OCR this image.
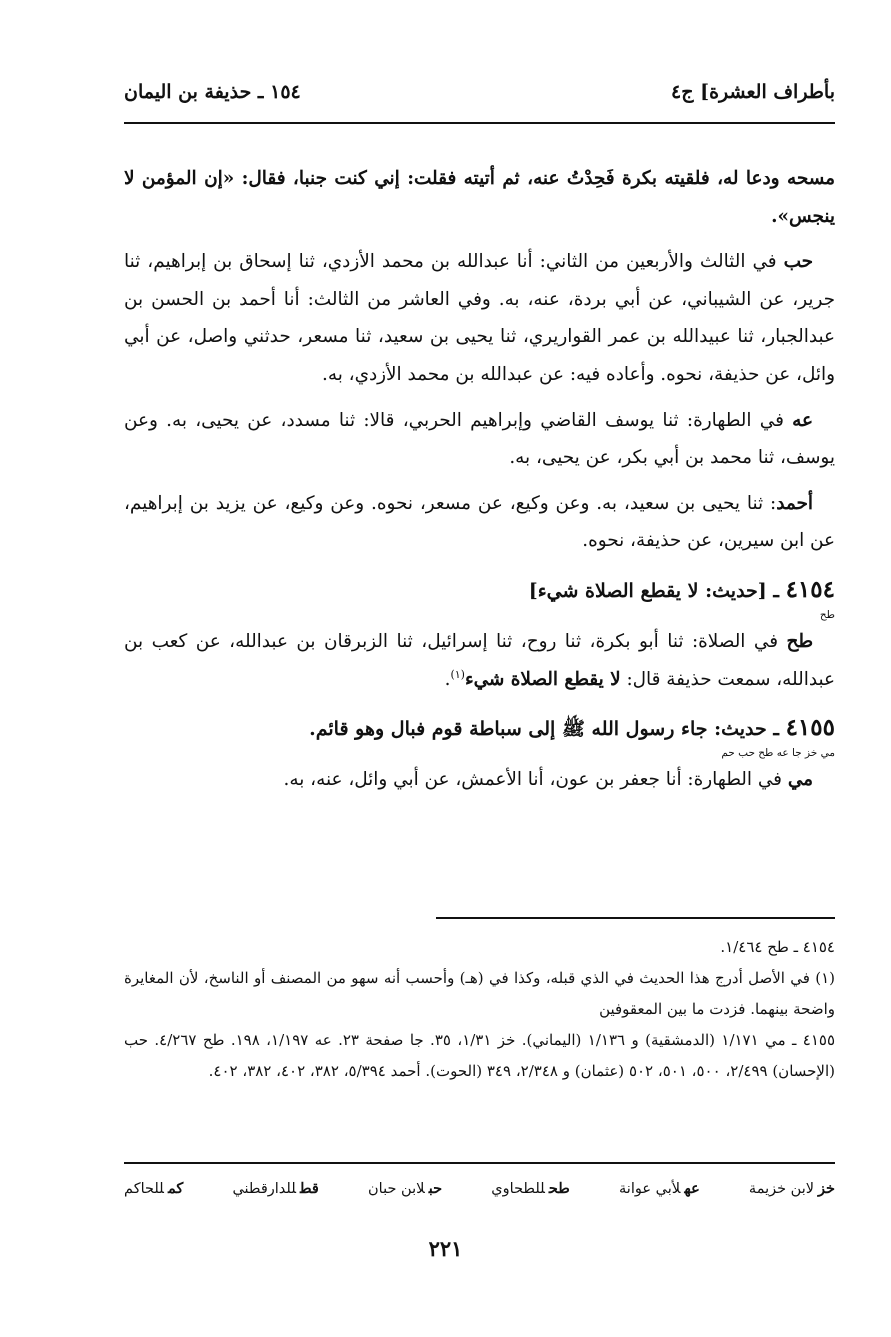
بأطراف العشرة] ج٤
١٥٤ ـ حذيفة بن اليمان

مسحه ودعا له، فلقيته بكرة فَحِدْتُ عنه، ثم أتيته فقلت: إني كنت جنبا، فقال: «إن المؤمن لا ينجس».

حب في الثالث والأربعين من الثاني: أنا عبدالله بن محمد الأزدي، ثنا إسحاق بن إبراهيم، ثنا جرير، عن الشيباني، عن أبي بردة، عنه، به. وفي العاشر من الثالث: أنا أحمد بن الحسن بن عبدالجبار، ثنا عبيدالله بن عمر القواريري، ثنا يحيى بن سعيد، ثنا مسعر، حدثني واصل، عن أبي وائل، عن حذيفة، نحوه. وأعاده فيه: عن عبدالله بن محمد الأزدي، به.

عه في الطهارة: ثنا يوسف القاضي وإبراهيم الحربي، قالا: ثنا مسدد، عن يحيى، به. وعن يوسف، ثنا محمد بن أبي بكر، عن يحيى، به.

أحمد: ثنا يحيى بن سعيد، به. وعن وكيع، عن مسعر، نحوه. وعن وكيع، عن يزيد بن إبراهيم، عن ابن سيرين، عن حذيفة، نحوه.

٤١٥٤ ـ [حديث: لا يقطع الصلاة شيء]

طح

طح في الصلاة: ثنا أبو بكرة، ثنا روح، ثنا إسرائيل، ثنا الزبرقان بن عبدالله، عن كعب بن عبدالله، سمعت حذيفة قال: لا يقطع الصلاة شيء$^{(١)}$.

٤١٥٥ ـ حديث: جاء رسول الله ﷺ إلى سباطة قوم فبال وهو قائم.

مي خز جا عه طح حب حم

مي في الطهارة: أنا جعفر بن عون، أنا الأعمش، عن أبي وائل، عنه، به.

٤١٥٤ ـ طح ١/٤٦٤.

(١) في الأصل أدرج هذا الحديث في الذي قبله، وكذا في (هـ) وأحسب أنه سهو من المصنف أو الناسخ، لأن المغايرة واضحة بينهما. فزدت ما بين المعقوفين

٤١٥٥ ـ مي ١/١٧١ (الدمشقية) و ١/١٣٦ (اليماني). خز ١/٣١، ٣٥. جا صفحة ٢٣. عه ١/١٩٧، ١٩٨. طح ٤/٢٦٧. حب (الإحسان) ٢/٤٩٩، ٥٠٠، ٥٠١، ٥٠٢ (عثمان) و ٢/٣٤٨، ٣٤٩ (الحوت). أحمد ٥/٣٩٤، ٣٨٢، ٤٠٢، ٣٨٢، ٤٠٢.

خزلابن خزيمة
عهلأبي عوانة
طحللطحاوي
حبلابن حبان
قطللدارقطني
كمللحاكم
٢٢١
